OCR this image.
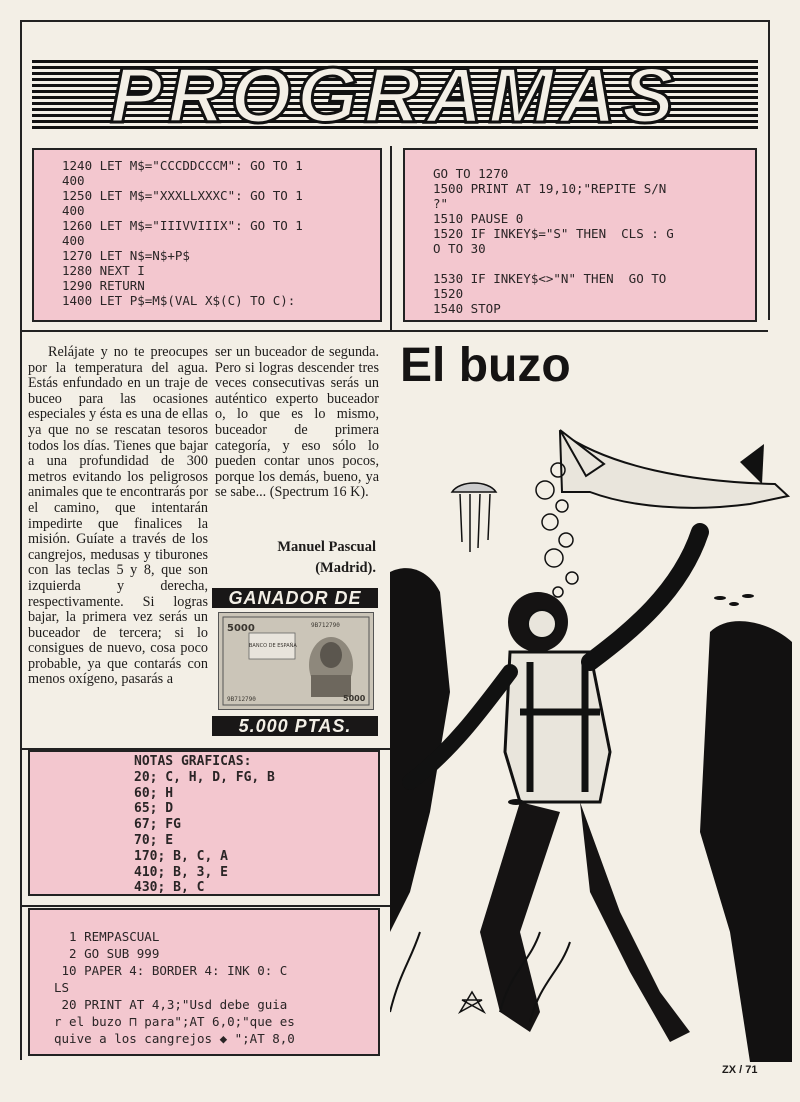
PROGRAMAS
1240 LET M$="CCCDDCCCM": GO TO 1
400
1250 LET M$="XXXLLXXXC": GO TO 1
400
1260 LET M$="IIIVVIIIX": GO TO 1
400
1270 LET N$=N$+P$
1280 NEXT I
1290 RETURN
1400 LET P$=M$(VAL X$(C) TO C):
GO TO 1270
1500 PRINT AT 19,10;"REPITE S/N
?"
1510 PAUSE 0
1520 IF INKEY$="S" THEN  CLS : G
O TO 30

1530 IF INKEY$<>"N" THEN  GO TO
1520
1540 STOP
El buzo

Relájate y no te preocupes por la temperatura del agua. Estás enfundado en un traje de buceo para las ocasiones especiales y ésta es una de ellas ya que no se rescatan tesoros todos los días. Tienes que bajar a una profundidad de 300 metros evitando los peligrosos animales que te encontrarás por el camino, que intentarán impedirte que finalices la misión. Guíate a través de los cangrejos, medusas y tiburones con las teclas 5 y 8, que son izquierda y derecha, respectivamente. Si logras bajar, la primera vez serás un buceador de tercera; si lo consigues de nuevo, cosa poco probable, ya que contarás con menos oxígeno, pasarás a

ser un buceador de segunda. Pero si logras descender tres veces consecutivas serás un auténtico experto buceador o, lo que es lo mismo, buceador de primera categoría, y eso sólo lo pueden contar unos pocos, porque los demás, bueno, ya se sabe... (Spectrum 16 K).

Manuel Pascual
(Madrid).
GANADOR DE
5000	9B712790
BANCO DE ESPAÑA
9B712790	5000
5.000 PTAS.
NOTAS GRAFICAS:
20; C, H, D, FG, B
60; H
65; D
67; FG
70; E
170; B, C, A
410; B, 3, E
430; B, C
1 REMPASCUAL
2 GO SUB 999
10 PAPER 4: BORDER 4: INK 0: C
LS
20 PRINT AT 4,3;"Usd debe guia
r el buzo ⊓ para";AT 6,0;"que es
quive a los cangrejos ◆ ";AT 8,0
ZX / 71
